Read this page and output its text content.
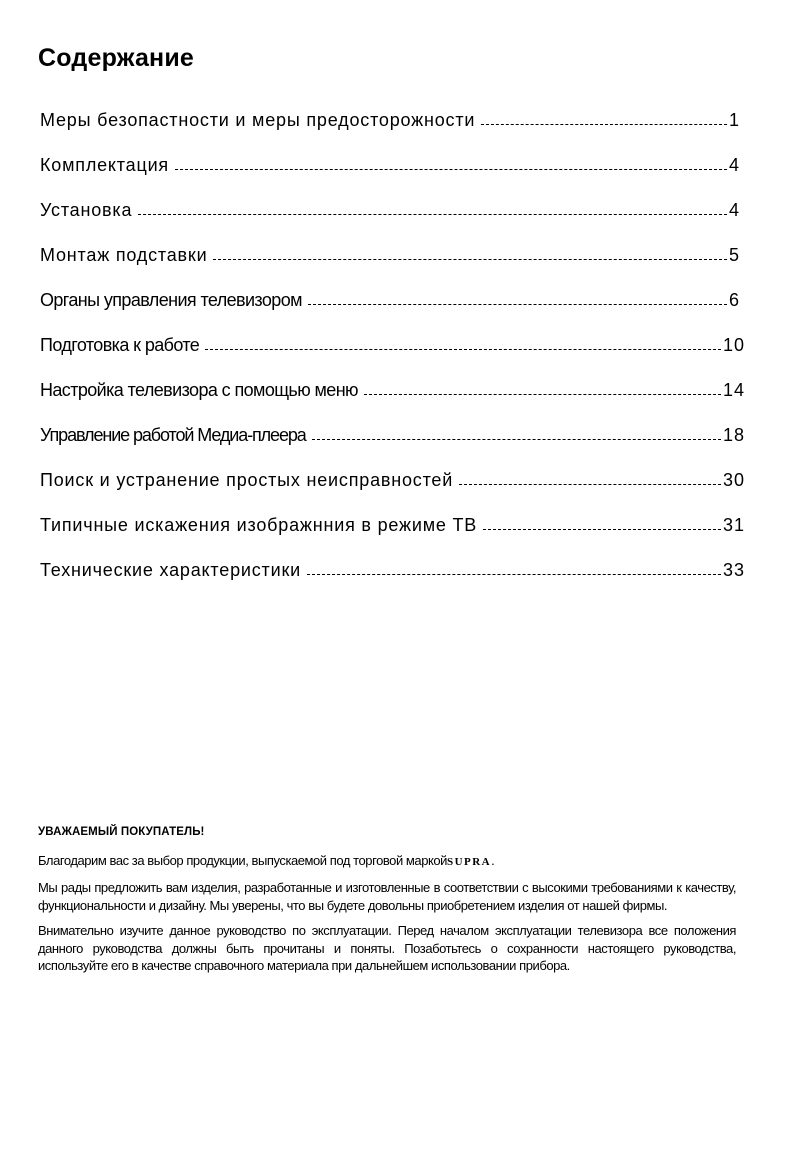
Содержание
Меры безопастности и меры предосторожности	1
Комплектация	4
Установка	4
Монтаж подставки	5
Органы управления телевизором	6
Подготовка к работе	10
Настройка телевизора с помощью меню	14
Управление работой Медиа-плеера	18
Поиск и устранение простых неисправностей	30
Типичные искажения изображнния в режиме ТВ	31
Технические характеристики	33
УВАЖАЕМЫЙ ПОКУПАТЕЛЬ!

Благодарим вас за выбор продукции, выпускаемой под торговой маркойSUPRA.

Мы рады предложить вам изделия, разработанные и изготовленные в соответствии с высокими требованиями к качеству, функциональности и дизайну. Мы уверены, что вы будете довольны приобретением изделия от нашей фирмы.

Внимательно изучите данное руководство по эксплуатации. Перед началом эксплуатации телевизора все положения данного руководства должны быть прочитаны и поняты. Позаботьтесь о сохранности настоящего руководства, используйте его в качестве справочного материала при дальнейшем использовании прибора.
